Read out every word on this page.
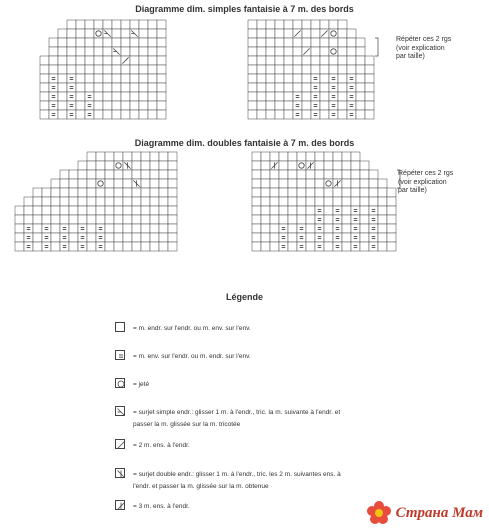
Diagramme dim. simples fantaisie à 7 m. des bords
Répéter ces 2 rgs
(voir explication
par taille)
Diagramme dim. doubles fantaisie à 7 m. des bords
Répéter ces 2 rgs
(voir explication
par taille)
Légende
= m. endr. sur l'endr. ou m. env. sur l'env.
= m. env. sur l'endr. ou m. endr. sur l'env.
= jeté
= surjet simple endr.: glisser 1 m. à l'endr., tric. la m. suivante à l'endr. et
passer la m. glissée sur la m. tricotée
= 2 m. ens. à l'endr.
= surjet double endr.: glisser 1 m. à l'endr., tric. les 2 m. suivantes ens. à
l'endr. et passer la m. glissée sur la m. obtenue
= 3 m. ens. à l'endr.	Страна Мам
